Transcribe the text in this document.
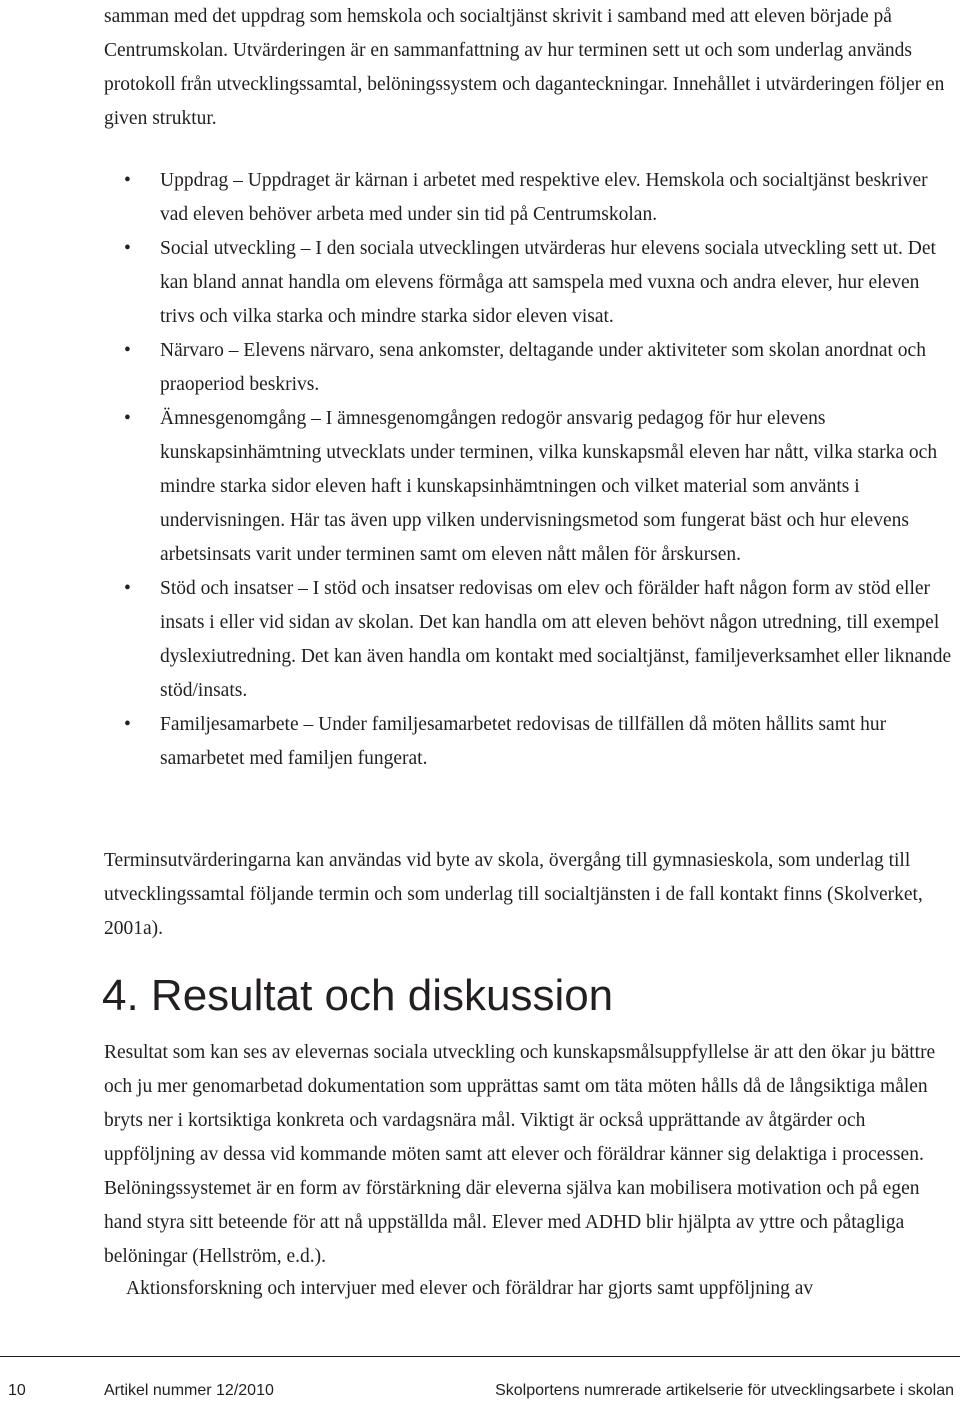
samman med det uppdrag som hemskola och socialtjänst skrivit i samband med att eleven började på Centrumskolan. Utvärderingen är en sammanfattning av hur terminen sett ut och som underlag används protokoll från utvecklingssamtal, belöningssystem och daganteckningar. Innehållet i utvärderingen följer en given struktur.

• Uppdrag – Uppdraget är kärnan i arbetet med respektive elev. Hemskola och socialtjänst beskriver vad eleven behöver arbeta med under sin tid på Centrumskolan.
• Social utveckling – I den sociala utvecklingen utvärderas hur elevens sociala utveckling sett ut. Det kan bland annat handla om elevens förmåga att samspela med vuxna och andra elever, hur eleven trivs och vilka starka och mindre starka sidor eleven visat.
• Närvaro – Elevens närvaro, sena ankomster, deltagande under aktiviteter som skolan anordnat och praoperiod beskrivs.
• Ämnesgenomgång – I ämnesgenomgången redogör ansvarig pedagog för hur elevens kunskapsinhämtning utvecklats under terminen, vilka kunskapsmål eleven har nått, vilka starka och mindre starka sidor eleven haft i kunskapsinhämtningen och vilket material som använts i undervisningen. Här tas även upp vilken undervisningsmetod som fungerat bäst och hur elevens arbetsinsats varit under terminen samt om eleven nått målen för årskursen.
• Stöd och insatser – I stöd och insatser redovisas om elev och förälder haft någon form av stöd eller insats i eller vid sidan av skolan. Det kan handla om att eleven behövt någon utredning, till exempel dyslexiutredning. Det kan även handla om kontakt med socialtjänst, familjeverksamhet eller liknande stöd/insats.
• Familjesamarbete – Under familjesamarbetet redovisas de tillfällen då möten hållits samt hur samarbetet med familjen fungerat.

Terminsutvärderingarna kan användas vid byte av skola, övergång till gymnasieskola, som underlag till utvecklingssamtal följande termin och som underlag till socialtjänsten i de fall kontakt finns (Skolverket, 2001a).

4. Resultat och diskussion

Resultat som kan ses av elevernas sociala utveckling och kunskapsmålsuppfyllelse är att den ökar ju bättre och ju mer genomarbetad dokumentation som upprättas samt om täta möten hålls då de långsiktiga målen bryts ner i kortsiktiga konkreta och vardagsnära mål. Viktigt är också upprättande av åtgärder och uppföljning av dessa vid kommande möten samt att elever och föräldrar känner sig delaktiga i processen. Belöningssystemet är en form av förstärkning där eleverna själva kan mobilisera motivation och på egen hand styra sitt beteende för att nå uppställda mål. Elever med ADHD blir hjälpta av yttre och påtagliga belöningar (Hellström, e.d.).

Aktionsforskning och intervjuer med elever och föräldrar har gjorts samt uppföljning av

10	Artikel nummer 12/2010	Skolportens numrerade artikelserie för utvecklingsarbete i skolan
